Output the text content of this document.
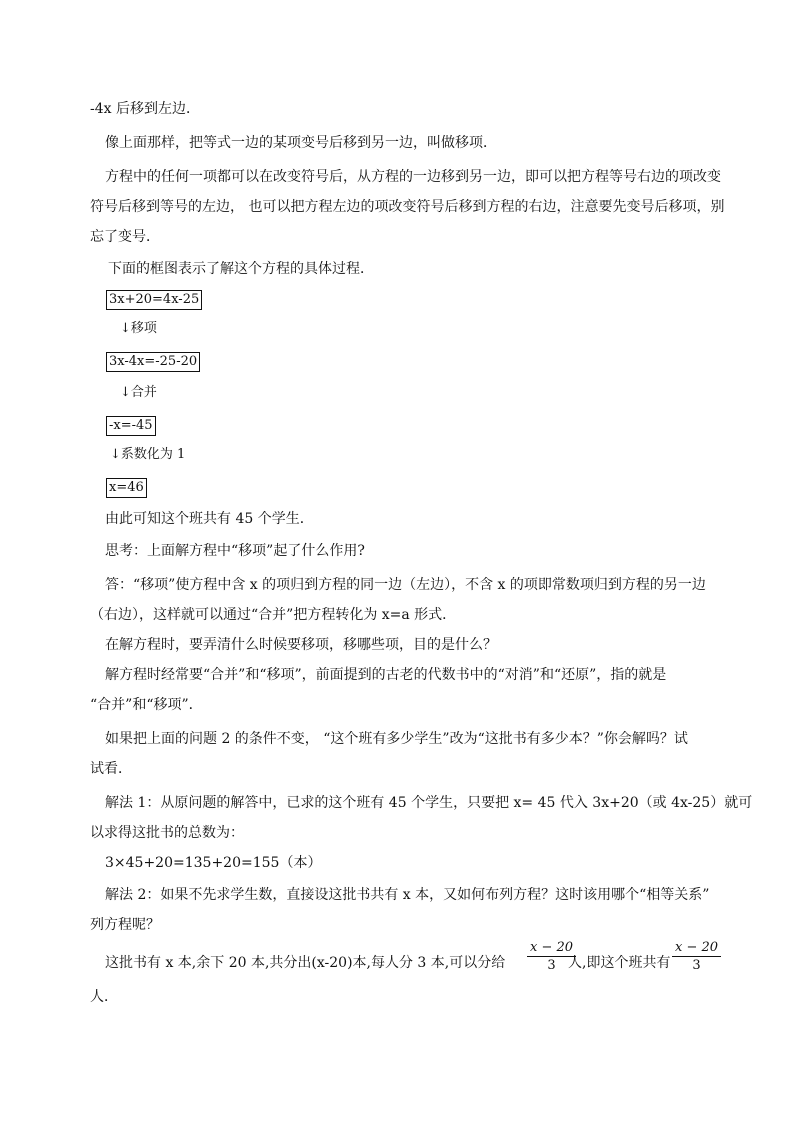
-4x 后移到左边．
像上面那样，把等式一边的某项变号后移到另一边，叫做移项．
方程中的任何一项都可以在改变符号后，从方程的一边移到另一边，即可以把方程等号右边的项改变
符号后移到等号的左边， 也可以把方程左边的项改变符号后移到方程的右边，注意要先变号后移项，别
忘了变号．
下面的框图表示了解这个方程的具体过程．
3x+20=4x-25
↓移项
3x-4x=-25-20
↓合并
-x=-45
↓系数化为 1
x=46
由此可知这个班共有 45 个学生．
思考：上面解方程中“移项”起了什么作用?
答：“移项”使方程中含 x 的项归到方程的同一边（左边），不含 x 的项即常数项归到方程的另一边
（右边），这样就可以通过“合并”把方程转化为 x=a 形式．
在解方程时，要弄清什么时候要移项，移哪些项，目的是什么？
解方程时经常要“合并”和“移项”，前面提到的古老的代数书中的“对消”和“还原”，指的就是
“合并”和“移项”．
如果把上面的问题 2 的条件不变， “这个班有多少学生”改为“这批书有多少本？”你会解吗？试
试看．
解法 1：从原问题的解答中，已求的这个班有 45 个学生，只要把 x= 45 代入 3x+20（或 4x-25）就可
以求得这批书的总数为：
3×45+20=135+20=155（本）
解法 2：如果不先求学生数，直接设这批书共有 x 本，又如何布列方程？这时该用哪个“相等关系”
列方程呢？
这批书有 x 本,余下 20 本,共分出(x-20)本,每人分 3 本,可以分给
x − 20
3 人,即这个班共有
x − 20
3
人．
